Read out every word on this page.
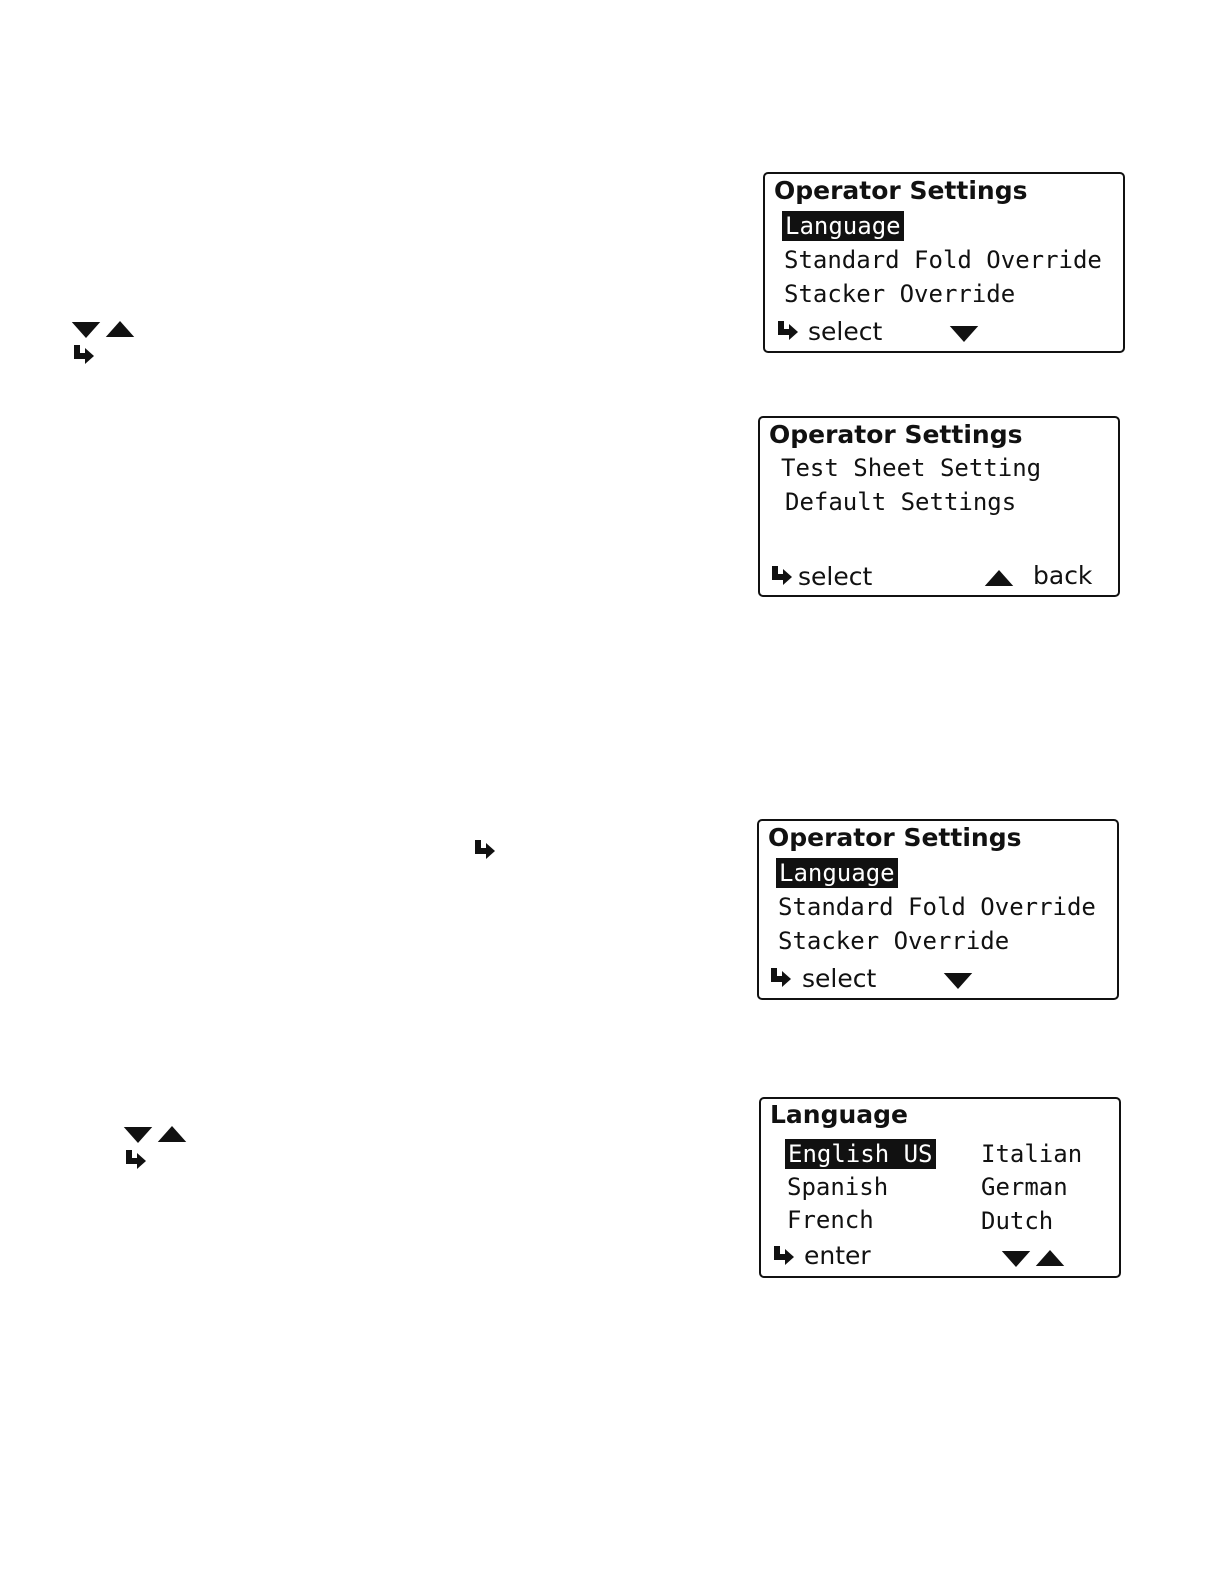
Operator Settings
Language
Standard Fold Override
Stacker Override
select
Operator Settings
Test Sheet Setting
Default Settings
select	back
Operator Settings
Language
Standard Fold Override
Stacker Override
select
Language
English US
Spanish
French
Italian
German
Dutch
enter
